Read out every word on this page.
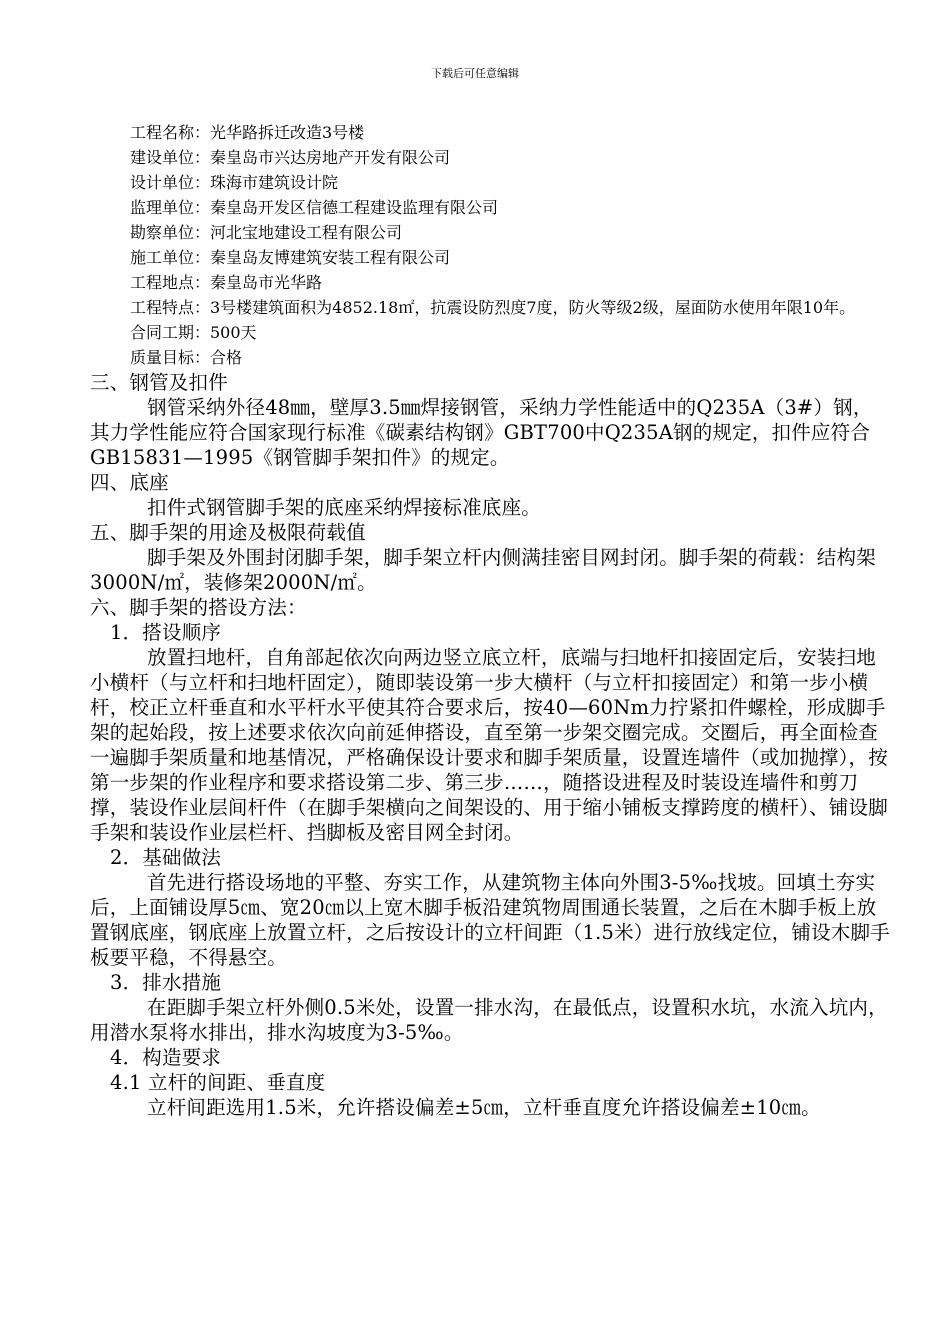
下载后可任意编辑

工程名称：光华路拆迁改造3号楼

建设单位：秦皇岛市兴达房地产开发有限公司

设计单位：珠海市建筑设计院

监理单位：秦皇岛开发区信德工程建设监理有限公司

勘察单位：河北宝地建设工程有限公司

施工单位：秦皇岛友博建筑安装工程有限公司

工程地点：秦皇岛市光华路

工程特点：3号楼建筑面积为4852.18㎡，抗震设防烈度7度，防火等级2级，屋面防水使用年限10年。

合同工期：500天

质量目标：合格

三、钢管及扣件

钢管采纳外径48㎜，壁厚3.5㎜焊接钢管，采纳力学性能适中的Q235A（3#）钢，其力学性能应符合国家现行标准《碳素结构钢》GBT700中Q235A钢的规定，扣件应符合GB15831—1995《钢管脚手架扣件》的规定。

四、底座

扣件式钢管脚手架的底座采纳焊接标准底座。

五、脚手架的用途及极限荷载值

脚手架及外围封闭脚手架，脚手架立杆内侧满挂密目网封闭。脚手架的荷载：结构架3000N/㎡，装修架2000N/㎡。

六、脚手架的搭设方法：

1．搭设顺序

放置扫地杆，自角部起依次向两边竖立底立杆，底端与扫地杆扣接固定后，安装扫地小横杆（与立杆和扫地杆固定），随即装设第一步大横杆（与立杆扣接固定）和第一步小横杆，校正立杆垂直和水平杆水平使其符合要求后，按40—60Nm力拧紧扣件螺栓，形成脚手架的起始段，按上述要求依次向前延伸搭设，直至第一步架交圈完成。交圈后，再全面检查一遍脚手架质量和地基情况，严格确保设计要求和脚手架质量，设置连墙件（或加抛撑），按第一步架的作业程序和要求搭设第二步、第三步……，随搭设进程及时装设连墙件和剪刀撑，装设作业层间杆件（在脚手架横向之间架设的、用于缩小铺板支撑跨度的横杆）、铺设脚手架和装设作业层栏杆、挡脚板及密目网全封闭。

2．基础做法

首先进行搭设场地的平整、夯实工作，从建筑物主体向外围3-5‰找坡。回填土夯实后，上面铺设厚5㎝、宽20㎝以上宽木脚手板沿建筑物周围通长装置，之后在木脚手板上放置钢底座，钢底座上放置立杆，之后按设计的立杆间距（1.5米）进行放线定位，铺设木脚手板要平稳，不得悬空。

3．排水措施

在距脚手架立杆外侧0.5米处，设置一排水沟，在最低点，设置积水坑，水流入坑内，用潜水泵将水排出，排水沟坡度为3-5‰。

4．构造要求

4.1 立杆的间距、垂直度

立杆间距选用1.5米，允许搭设偏差±5㎝，立杆垂直度允许搭设偏差±10㎝。
